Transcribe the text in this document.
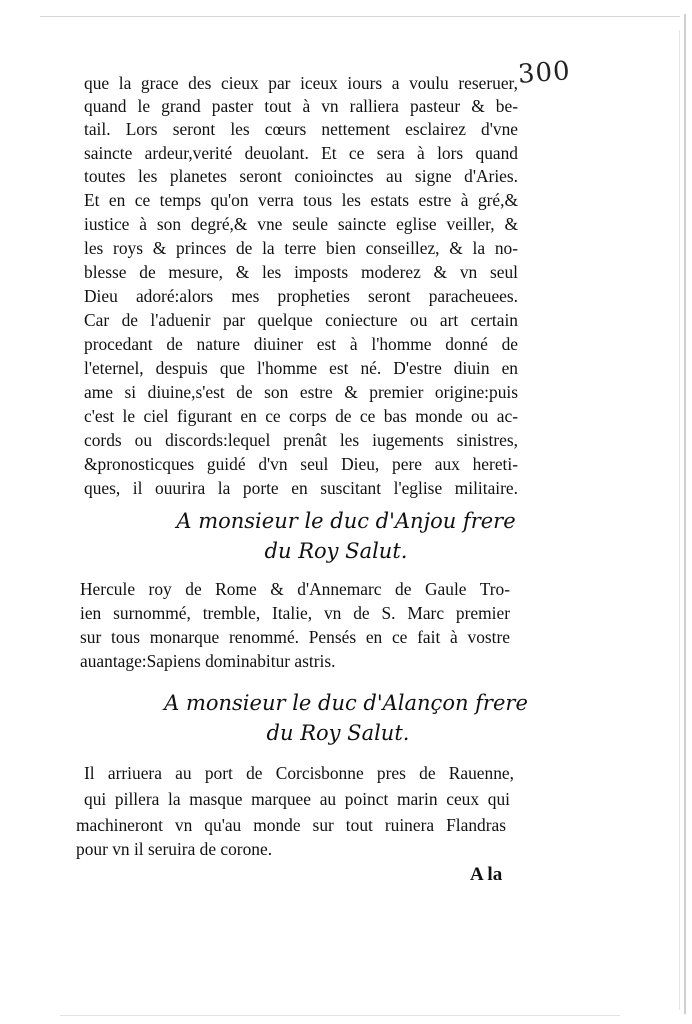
300
que la grace des cieux par iceux iours a voulu reseruer,
quand le grand paster tout à vn ralliera pasteur & be-
tail. Lors seront les cœurs nettement esclairez d'vne
saincte ardeur,verité deuolant. Et ce sera à lors quand
toutes les planetes seront conioinctes au signe d'Aries.
Et en ce temps qu'on verra tous les estats estre à gré,&
iustice à son degré,& vne seule saincte eglise veiller, &
les roys & princes de la terre bien conseillez, & la no-
blesse de mesure, & les imposts moderez & vn seul
Dieu adoré:alors mes propheties seront paracheuees.
Car de l'aduenir par quelque coniecture ou art certain
procedant de nature diuiner est à l'homme donné de
l'eternel, despuis que l'homme est né. D'estre diuin en
ame si diuine,s'est de son estre & premier origine:puis
c'est le ciel figurant en ce corps de ce bas monde ou ac-
cords ou discords:lequel prenât les iugements sinistres,
&pronosticques guidé d'vn seul Dieu, pere aux hereti-
ques, il ouurira la porte en suscitant l'eglise militaire.
A monsieur le duc d'Anjou frere
du Roy Salut.
Hercule roy de Rome & d'Annemarc de Gaule Tro-
ien surnommé, tremble, Italie, vn de S. Marc premier
sur tous monarque renommé. Pensés en ce fait à vostre
auantage:Sapiens dominabitur astris.
A monsieur le duc d'Alançon frere
du Roy Salut.
Il arriuera au port de Corcisbonne pres de Rauenne,
qui pillera la masque marquee au poinct marin ceux qui
machineront vn qu'au monde sur tout ruinera Flandras
pour vn il seruira de corone.
A la
